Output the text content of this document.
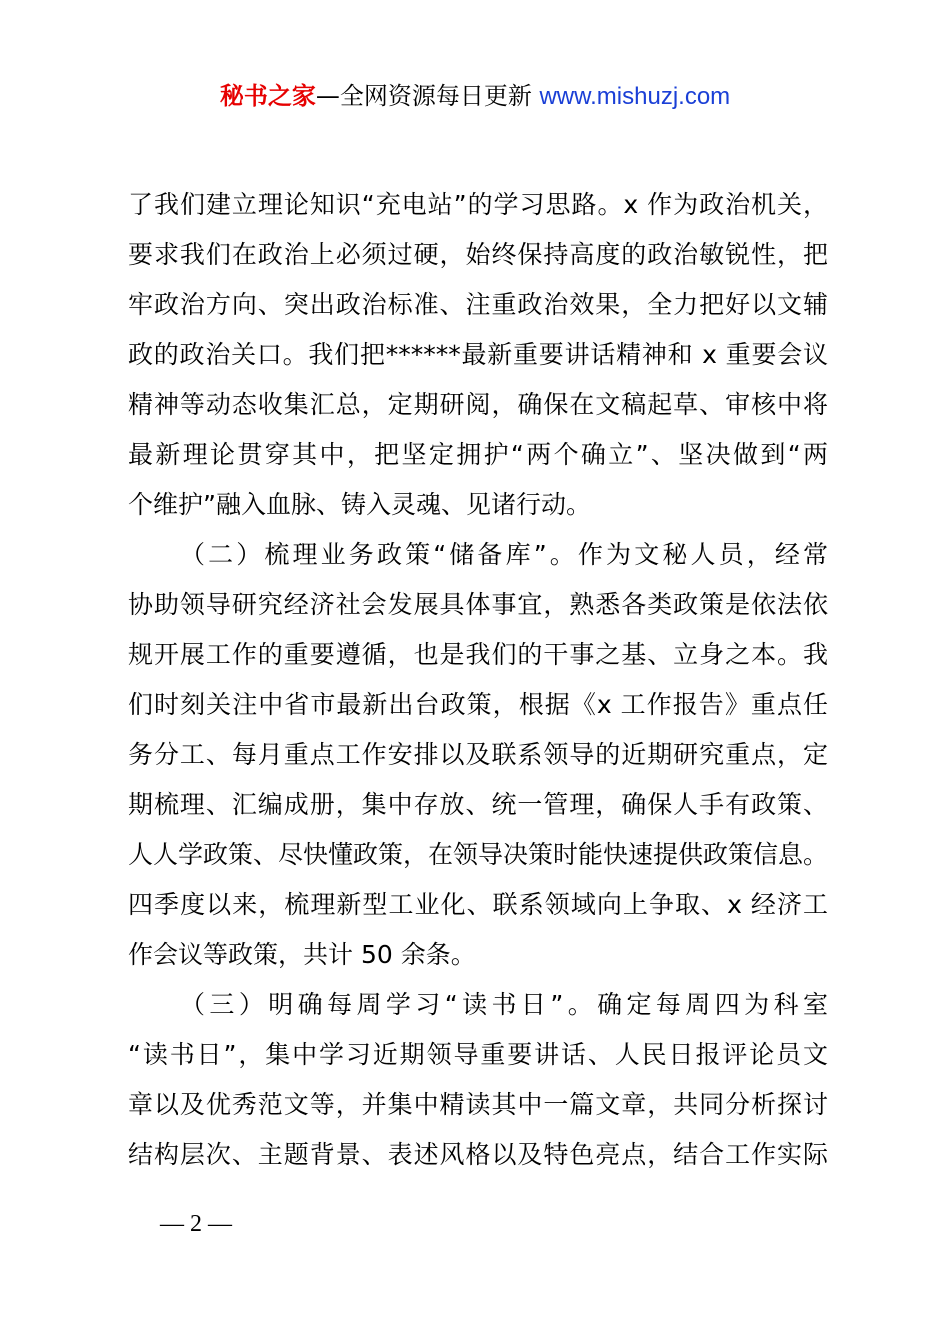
秘书之家—全网资源每日更新 www.mishuzj.com
了我们建立理论知识“充电站”的学习思路。x 作为政治机关，
要求我们在政治上必须过硬，始终保持高度的政治敏锐性，把
牢政治方向、突出政治标准、注重政治效果，全力把好以文辅
政的政治关口。我们把******最新重要讲话精神和 x 重要会议
精神等动态收集汇总，定期研阅，确保在文稿起草、审核中将
最新理论贯穿其中，把坚定拥护“两个确立”、坚决做到“两
个维护”融入血脉、铸入灵魂、见诸行动。
（二）梳理业务政策“储备库”。作为文秘人员，经常
协助领导研究经济社会发展具体事宜，熟悉各类政策是依法依
规开展工作的重要遵循，也是我们的干事之基、立身之本。我
们时刻关注中省市最新出台政策，根据《x 工作报告》重点任
务分工、每月重点工作安排以及联系领导的近期研究重点，定
期梳理、汇编成册，集中存放、统一管理，确保人手有政策、
人人学政策、尽快懂政策，在领导决策时能快速提供政策信息。
四季度以来，梳理新型工业化、联系领域向上争取、x 经济工
作会议等政策，共计 50 余条。
（三）明确每周学习“读书日”。确定每周四为科室
“读书日”，集中学习近期领导重要讲话、人民日报评论员文
章以及优秀范文等，并集中精读其中一篇文章，共同分析探讨
结构层次、主题背景、表述风格以及特色亮点，结合工作实际
— 2 —
